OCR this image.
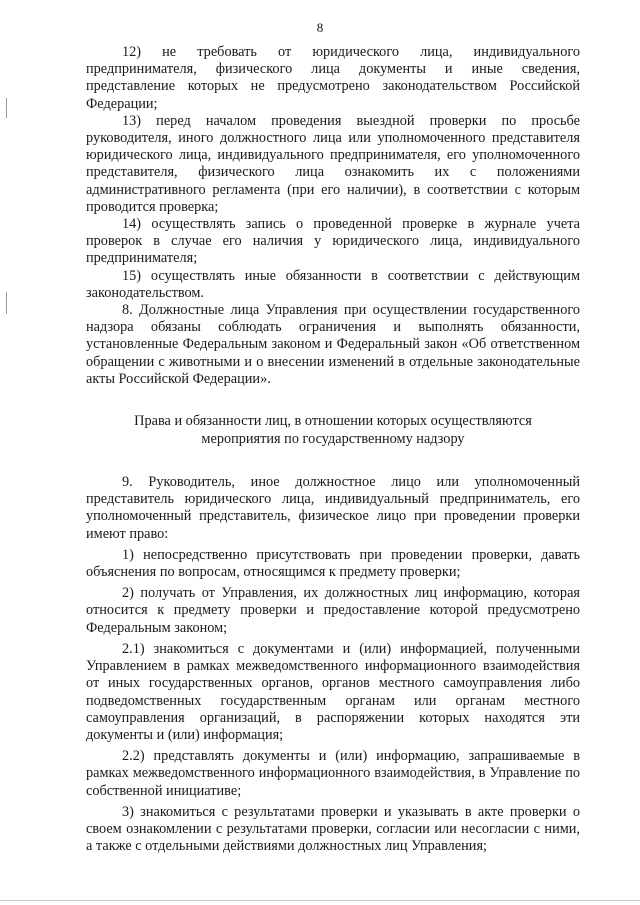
8

12) не требовать от юридического лица, индивидуального предпринимателя, физического лица документы и иные сведения, представление которых не предусмотрено законодательством Российской Федерации;

13) перед началом проведения выездной проверки по просьбе руководителя, иного должностного лица или уполномоченного представителя юридического лица, индивидуального предпринимателя, его уполномоченного представителя, физического лица ознакомить их с положениями административного регламента (при его наличии), в соответствии с которым проводится проверка;

14) осуществлять запись о проведенной проверке в журнале учета проверок в случае его наличия у юридического лица, индивидуального предпринимателя;

15) осуществлять иные обязанности в соответствии с действующим законодательством.

8. Должностные лица Управления при осуществлении государственного надзора обязаны соблюдать ограничения и выполнять обязанности, установленные Федеральным законом и Федеральный закон «Об ответственном обращении с животными и о внесении изменений в отдельные законодательные акты Российской Федерации».

Права и обязанности лиц, в отношении которых осуществляются
мероприятия по государственному надзору

9. Руководитель, иное должностное лицо или уполномоченный представитель юридического лица, индивидуальный предприниматель, его уполномоченный представитель, физическое лицо при проведении проверки имеют право:

1) непосредственно присутствовать при проведении проверки, давать объяснения по вопросам, относящимся к предмету проверки;

2) получать от Управления, их должностных лиц информацию, которая относится к предмету проверки и предоставление которой предусмотрено Федеральным законом;

2.1) знакомиться с документами и (или) информацией, полученными Управлением в рамках межведомственного информационного взаимодействия от иных государственных органов, органов местного самоуправления либо подведомственных государственным органам или органам местного самоуправления организаций, в распоряжении которых находятся эти документы и (или) информация;

2.2) представлять документы и (или) информацию, запрашиваемые в рамках межведомственного информационного взаимодействия, в Управление по собственной инициативе;

3) знакомиться с результатами проверки и указывать в акте проверки о своем ознакомлении с результатами проверки, согласии или несогласии с ними, а также с отдельными действиями должностных лиц Управления;
